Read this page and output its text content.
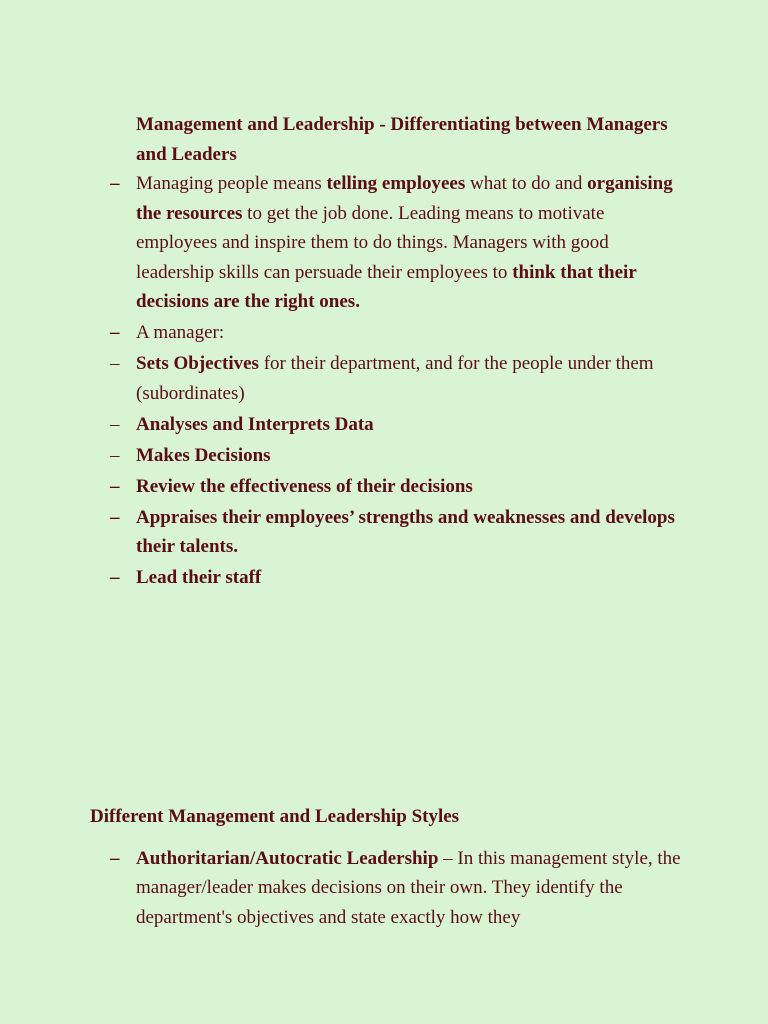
Management and Leadership - Differentiating between Managers and Leaders
– Managing people means telling employees what to do and organising the resources to get the job done. Leading means to motivate employees and inspire them to do things. Managers with good leadership skills can persuade their employees to think that their decisions are the right ones.
– A manager:
– Sets Objectives for their department, and for the people under them (subordinates)
– Analyses and Interprets Data
– Makes Decisions
– Review the effectiveness of their decisions
– Appraises their employees’ strengths and weaknesses and develops their talents.
– Lead their staff
Different Management and Leadership Styles
– Authoritarian/Autocratic Leadership – In this management style, the manager/leader makes decisions on their own. They identify the department's objectives and state exactly how they
